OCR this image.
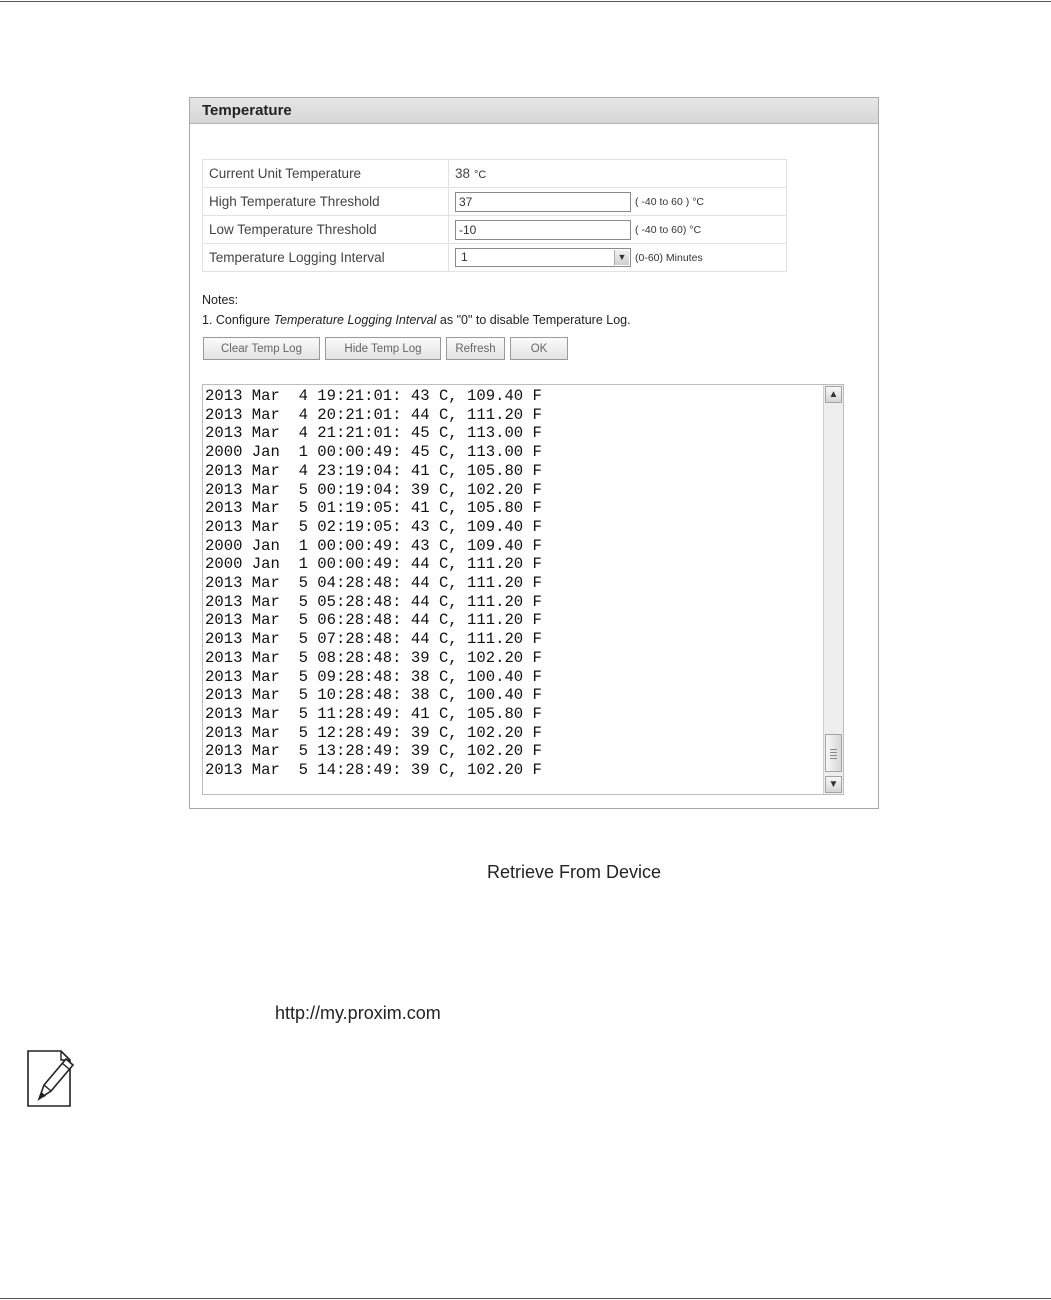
Temperature
Current Unit Temperature	38 °C
High Temperature Threshold	37( -40 to 60 ) °C
Low Temperature Threshold	-10( -40 to 60) °C
Temperature Logging Interval	1 ▼ (0-60) Minutes
Notes:
1. Configure Temperature Logging Interval as "0" to disable Temperature Log.
Clear Temp Log	Hide Temp Log	Refresh	OK
2013 Mar  4 19:21:01: 43 C, 109.40 F
2013 Mar  4 20:21:01: 44 C, 111.20 F
2013 Mar  4 21:21:01: 45 C, 113.00 F
2000 Jan  1 00:00:49: 45 C, 113.00 F
2013 Mar  4 23:19:04: 41 C, 105.80 F
2013 Mar  5 00:19:04: 39 C, 102.20 F
2013 Mar  5 01:19:05: 41 C, 105.80 F
2013 Mar  5 02:19:05: 43 C, 109.40 F
2000 Jan  1 00:00:49: 43 C, 109.40 F
2000 Jan  1 00:00:49: 44 C, 111.20 F
2013 Mar  5 04:28:48: 44 C, 111.20 F
2013 Mar  5 05:28:48: 44 C, 111.20 F
2013 Mar  5 06:28:48: 44 C, 111.20 F
2013 Mar  5 07:28:48: 44 C, 111.20 F
2013 Mar  5 08:28:48: 39 C, 102.20 F
2013 Mar  5 09:28:48: 38 C, 100.40 F
2013 Mar  5 10:28:48: 38 C, 100.40 F
2013 Mar  5 11:28:49: 41 C, 105.80 F
2013 Mar  5 12:28:49: 39 C, 102.20 F
2013 Mar  5 13:28:49: 39 C, 102.20 F
2013 Mar  5 14:28:49: 39 C, 102.20 F
▲
▼
Retrieve From Device
http://my.proxim.com
